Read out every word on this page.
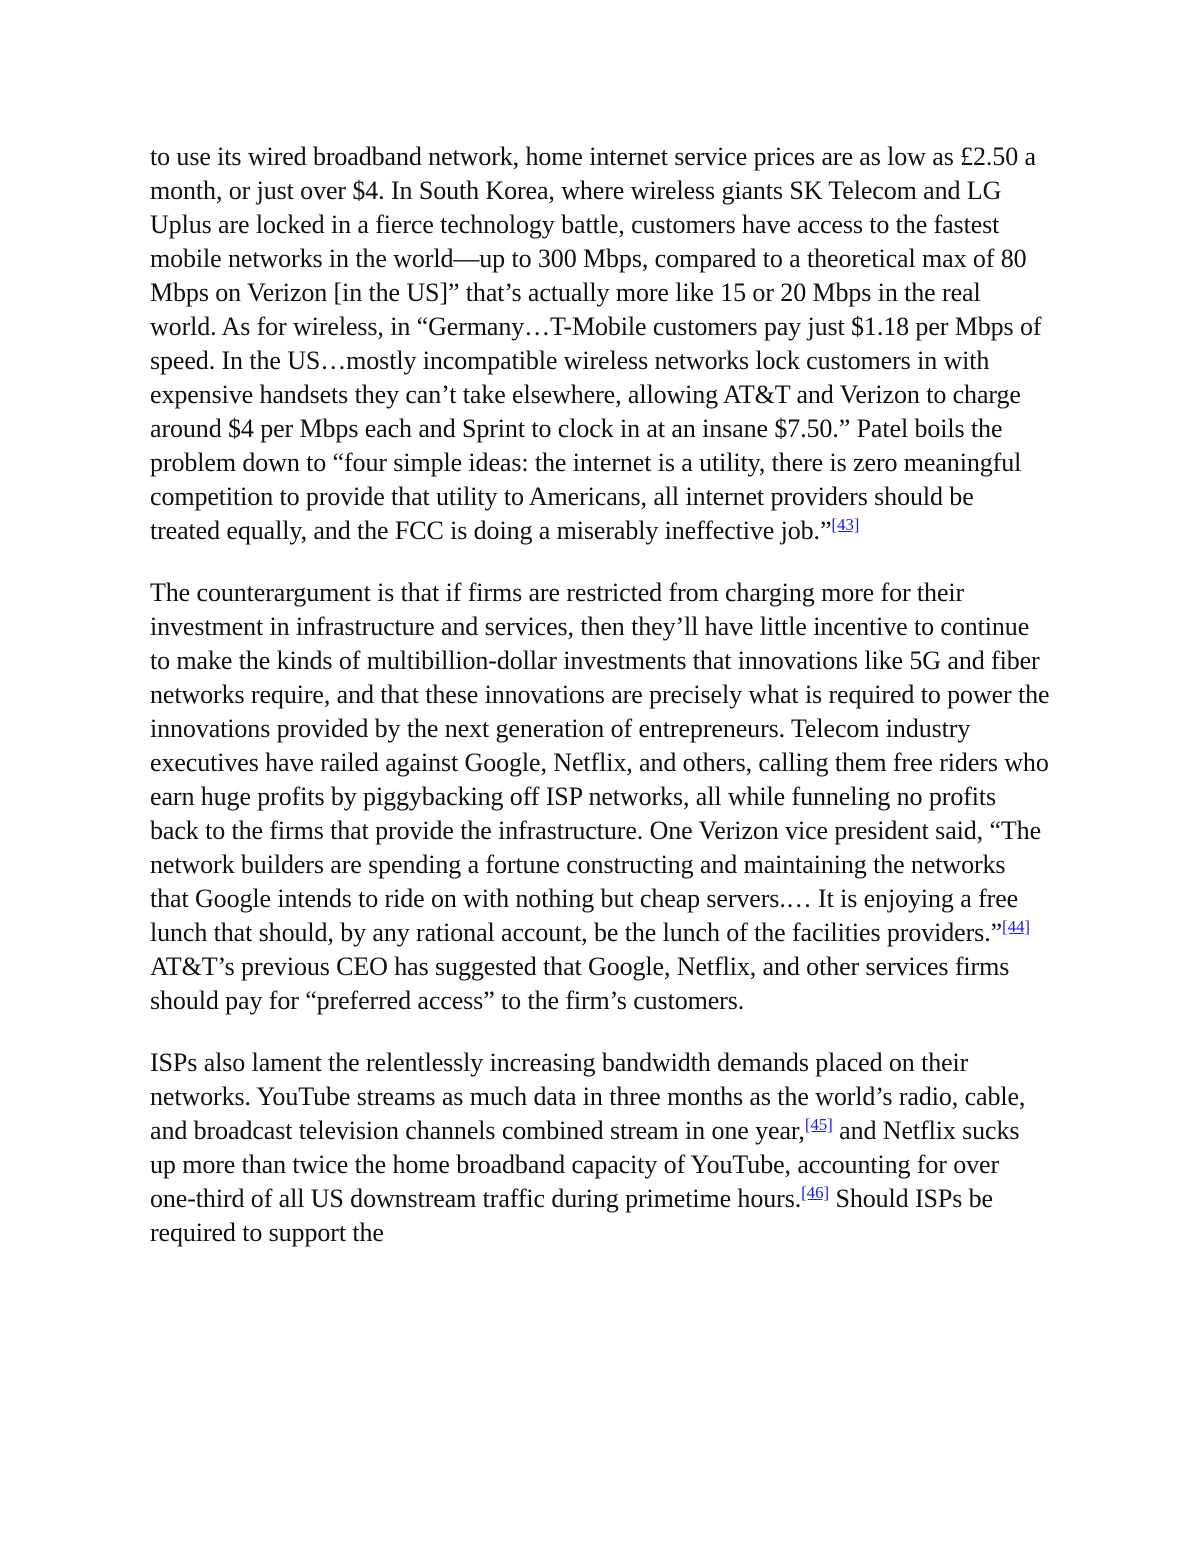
to use its wired broadband network, home internet service prices are as low as £2.50 a month, or just over $4. In South Korea, where wireless giants SK Telecom and LG Uplus are locked in a fierce technology battle, customers have access to the fastest mobile networks in the world—up to 300 Mbps, compared to a theoretical max of 80 Mbps on Verizon [in the US]” that’s actually more like 15 or 20 Mbps in the real world. As for wireless, in “Germany…T-Mobile customers pay just $1.18 per Mbps of speed. In the US…mostly incompatible wireless networks lock customers in with expensive handsets they can’t take elsewhere, allowing AT&T and Verizon to charge around $4 per Mbps each and Sprint to clock in at an insane $7.50.” Patel boils the problem down to “four simple ideas: the internet is a utility, there is zero meaningful competition to provide that utility to Americans, all internet providers should be treated equally, and the FCC is doing a miserably ineffective job.”[43]

The counterargument is that if firms are restricted from charging more for their investment in infrastructure and services, then they’ll have little incentive to continue to make the kinds of multibillion-dollar investments that innovations like 5G and fiber networks require, and that these innovations are precisely what is required to power the innovations provided by the next generation of entrepreneurs. Telecom industry executives have railed against Google, Netflix, and others, calling them free riders who earn huge profits by piggybacking off ISP networks, all while funneling no profits back to the firms that provide the infrastructure. One Verizon vice president said, “The network builders are spending a fortune constructing and maintaining the networks that Google intends to ride on with nothing but cheap servers.… It is enjoying a free lunch that should, by any rational account, be the lunch of the facilities providers.”[44] AT&T’s previous CEO has suggested that Google, Netflix, and other services firms should pay for “preferred access” to the firm’s customers.

ISPs also lament the relentlessly increasing bandwidth demands placed on their networks. YouTube streams as much data in three months as the world’s radio, cable, and broadcast television channels combined stream in one year,[45] and Netflix sucks up more than twice the home broadband capacity of YouTube, accounting for over one-third of all US downstream traffic during primetime hours.[46] Should ISPs be required to support the
